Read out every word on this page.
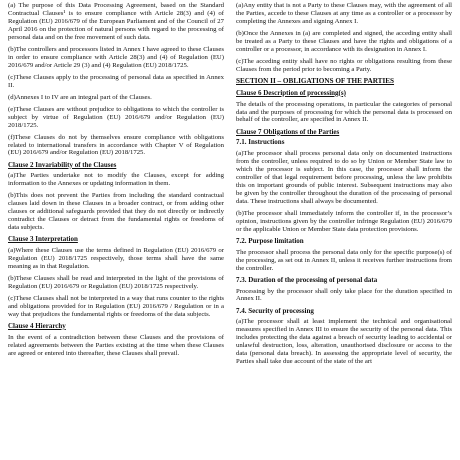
(a) The purpose of this Data Processing Agreement, based on the Standard Contractual Clauses¹ is to ensure compliance with Article 28(3) and (4) of Regulation (EU) 2016/679 of the European Parliament and of the Council of 27 April 2016 on the protection of natural persons with regard to the processing of personal data and on the free movement of such data.

(b)The controllers and processors listed in Annex I have agreed to these Clauses in order to ensure compliance with Article 28(3) and (4) of Regulation (EU) 2016/679 and/or Article 29 (3) and (4) Regulation (EU) 2018/1725.

(c)These Clauses apply to the processing of personal data as specified in Annex II.

(d)Annexes I to IV are an integral part of the Clauses.

(e)These Clauses are without prejudice to obligations to which the controller is subject by virtue of Regulation (EU) 2016/679 and/or Regulation (EU) 2018/1725.

(f)These Clauses do not by themselves ensure compliance with obligations related to international transfers in accordance with Chapter V of Regulation (EU) 2016/679 and/or Regulation (EU) 2018/1725.

Clause 2 Invariability of the Clauses

(a)The Parties undertake not to modify the Clauses, except for adding information to the Annexes or updating information in them.

(b)This does not prevent the Parties from including the standard contractual clauses laid down in these Clauses in a broader contract, or from adding other clauses or additional safeguards provided that they do not directly or indirectly contradict the Clauses or detract from the fundamental rights or freedoms of data subjects.

Clause 3 Interpretation

(a)Where these Clauses use the terms defined in Regulation (EU) 2016/679 or Regulation (EU) 2018/1725 respectively, those terms shall have the same meaning as in that Regulation.

(b)These Clauses shall be read and interpreted in the light of the provisions of Regulation (EU) 2016/679 or Regulation (EU) 2018/1725 respectively.

(c)These Clauses shall not be interpreted in a way that runs counter to the rights and obligations provided for in Regulation (EU) 2016/679 / Regulation or in a way that prejudices the fundamental rights or freedoms of the data subjects.

Clause 4 Hierarchy

In the event of a contradiction between these Clauses and the provisions of related agreements between the Parties existing at the time when these Clauses are agreed or entered into thereafter, these Clauses shall prevail.

(a)Any entity that is not a Party to these Clauses may, with the agreement of all the Parties, accede to these Clauses at any time as a controller or a processor by completing the Annexes and signing Annex I.

(b)Once the Annexes in (a) are completed and signed, the acceding entity shall be treated as a Party to these Clauses and have the rights and obligations of a controller or a processor, in accordance with its designation in Annex I.

(c)The acceding entity shall have no rights or obligations resulting from these Clauses from the period prior to becoming a Party.

SECTION II – OBLIGATIONS OF THE PARTIES
Clause 6 Description of processing(s)

The details of the processing operations, in particular the categories of personal data and the purposes of processing for which the personal data is processed on behalf of the controller, are specified in Annex II.

Clause 7 Obligations of the Parties
7.1. Instructions

(a)The processor shall process personal data only on documented instructions from the controller, unless required to do so by Union or Member State law to which the processor is subject. In this case, the processor shall inform the controller of that legal requirement before processing, unless the law prohibits this on important grounds of public interest. Subsequent instructions may also be given by the controller throughout the duration of the processing of personal data. These instructions shall always be documented.

(b)The processor shall immediately inform the controller if, in the processor’s opinion, instructions given by the controller infringe Regulation (EU) 2016/679 or the applicable Union or Member State data protection provisions.

7.2. Purpose limitation

The processor shall process the personal data only for the specific purpose(s) of the processing, as set out in Annex II, unless it receives further instructions from the controller.

7.3. Duration of the processing of personal data

Processing by the processor shall only take place for the duration specified in Annex II.

7.4. Security of processing

(a)The processor shall at least implement the technical and organisational measures specified in Annex III to ensure the security of the personal data. This includes protecting the data against a breach of security leading to accidental or unlawful destruction, loss, alteration, unauthorised disclosure or access to the data (personal data breach). In assessing the appropriate level of security, the Parties shall take due account of the state of the art
